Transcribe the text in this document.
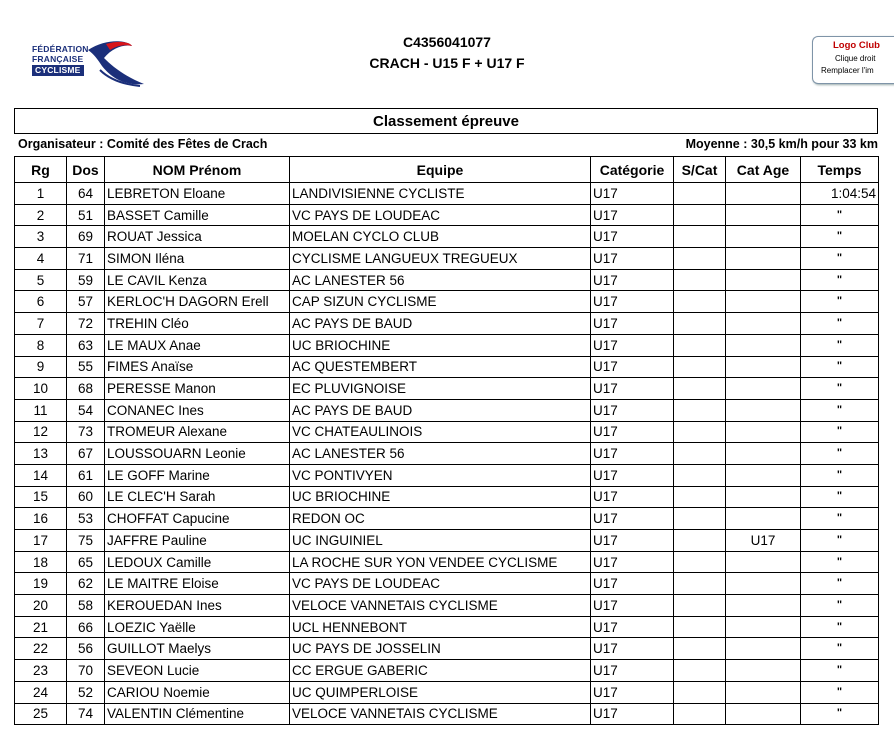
FÉDÉRATION
FRANÇAISE
CYCLISME
C4356041077
CRACH - U15 F + U17 F
Logo Club
Clique droit
Remplacer l'im
Classement épreuve
Organisateur : Comité des Fêtes de Crach	Moyenne : 30,5 km/h pour 33 km
Rg	Dos	NOM Prénom	Equipe	Catégorie	S/Cat	Cat Age	Temps
1	64	LEBRETON Eloane	LANDIVISIENNE CYCLISTE	U17			1:04:54
2	51	BASSET Camille	VC PAYS DE LOUDEAC	U17			"
3	69	ROUAT Jessica	MOELAN CYCLO CLUB	U17			"
4	71	SIMON Iléna	CYCLISME LANGUEUX TREGUEUX	U17			"
5	59	LE CAVIL Kenza	AC LANESTER 56	U17			"
6	57	KERLOC'H DAGORN Erell	CAP SIZUN CYCLISME	U17			"
7	72	TREHIN Cléo	AC PAYS DE BAUD	U17			"
8	63	LE MAUX Anae	UC BRIOCHINE	U17			"
9	55	FIMES Anaïse	AC QUESTEMBERT	U17			"
10	68	PERESSE Manon	EC PLUVIGNOISE	U17			"
11	54	CONANEC Ines	AC PAYS DE BAUD	U17			"
12	73	TROMEUR Alexane	VC CHATEAULINOIS	U17			"
13	67	LOUSSOUARN Leonie	AC LANESTER 56	U17			"
14	61	LE GOFF Marine	VC PONTIVYEN	U17			"
15	60	LE CLEC'H Sarah	UC BRIOCHINE	U17			"
16	53	CHOFFAT Capucine	REDON OC	U17			"
17	75	JAFFRE Pauline	UC INGUINIEL	U17		U17	"
18	65	LEDOUX Camille	LA ROCHE SUR YON VENDEE CYCLISME	U17			"
19	62	LE MAITRE Eloise	VC PAYS DE LOUDEAC	U17			"
20	58	KEROUEDAN Ines	VELOCE VANNETAIS CYCLISME	U17			"
21	66	LOEZIC Yaëlle	UCL HENNEBONT	U17			"
22	56	GUILLOT Maelys	UC PAYS DE JOSSELIN	U17			"
23	70	SEVEON Lucie	CC ERGUE GABERIC	U17			"
24	52	CARIOU Noemie	UC QUIMPERLOISE	U17			"
25	74	VALENTIN Clémentine	VELOCE VANNETAIS CYCLISME	U17			"
